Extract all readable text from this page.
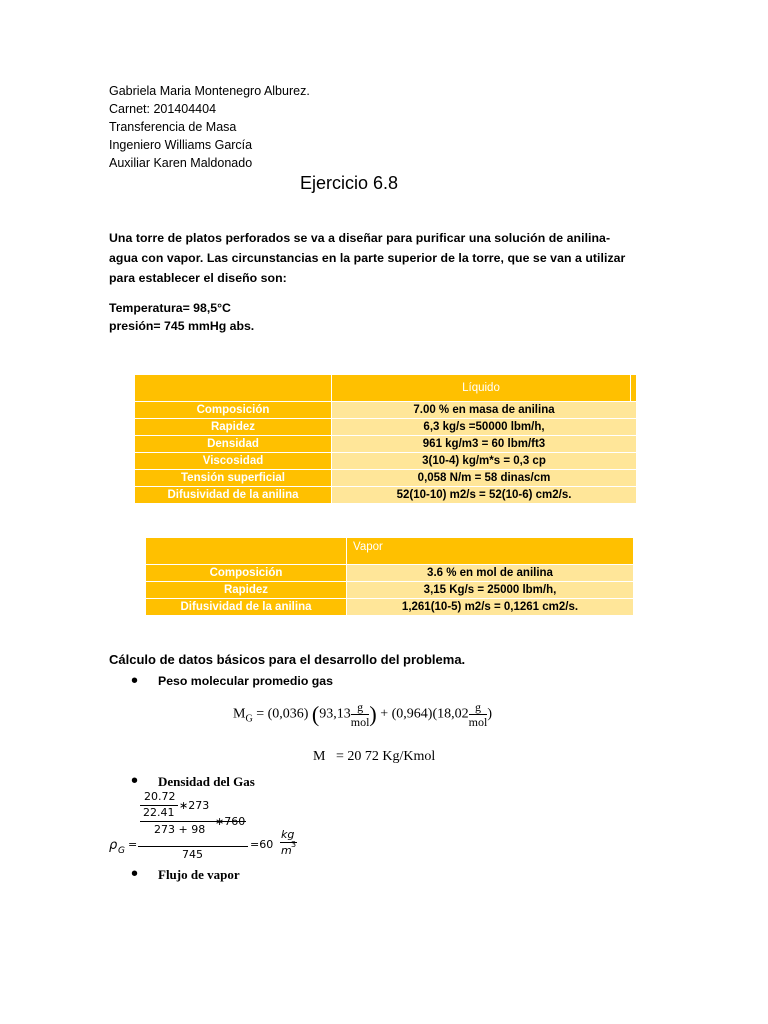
Gabriela Maria Montenegro Alburez.
Carnet: 201404404
Transferencia de Masa
Ingeniero Williams García
Auxiliar Karen Maldonado
Ejercicio 6.8
Una torre de platos perforados se va a diseñar para purificar una solución de anilina-agua con vapor. Las circunstancias en la parte superior de la torre, que se van a utilizar para establecer el diseño son:
Temperatura= 98,5°C
presión= 745 mmHg abs.
	Líquido	
Composición	7.00 % en masa de anilina	
Rapidez	6,3 kg/s =50000 lbm/h,	
Densidad	961 kg/m3 = 60 lbm/ft3	
Viscosidad	3(10-4) kg/m*s = 0,3 cp	
Tensión superficial	0,058 N/m = 58 dinas/cm	
Difusividad de la anilina	52(10-10) m2/s = 52(10-6) cm2/s.	
	Vapor
Composición	3.6 % en mol de anilina
Rapidez	3,15 Kg/s = 25000 lbm/h,
Difusividad de la anilina	1,261(10-5) m2/s = 0,1261 cm2/s.
Cálculo de datos básicos para el desarrollo del problema.
• Peso molecular promedio gas
$M_G = (0,036)$ ($93,13 \frac{g}{\text{mol}}$ ) + $(0,964)(18,02 \frac{g}{\text{mol}}$ )
M   = 20 72 Kg/Kmol
• Densidad del Gas
ρ G =
20.72
22.41
∗273
273 + 98
∗760
745
=60
kg
m 3
• Flujo de vapor
